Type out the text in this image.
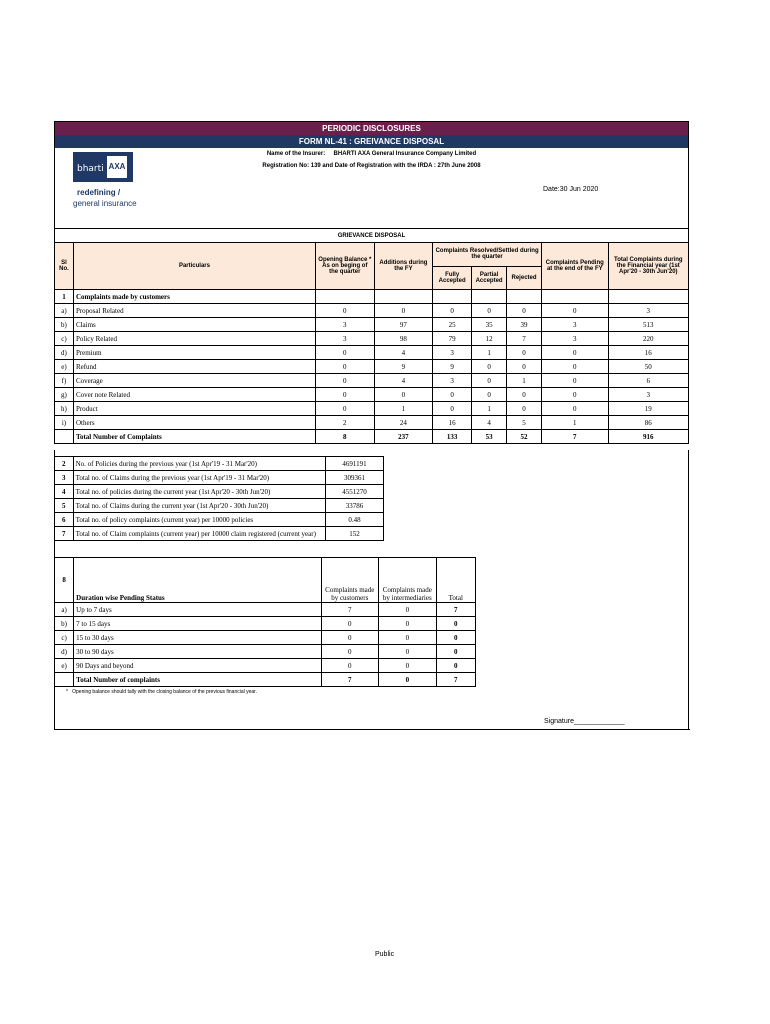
PERIODIC DISCLOSURES
FORM NL-41 : GREIVANCE DISPOSAL
bharti AXA
redefining /
general insurance
Name of the Insurer: BHARTI AXA General Insurance Company Limited
Registration No: 139 and Date of Registration with the IRDA : 27th June 2008
Date:30 Jun 2020
GRIEVANCE DISPOSAL								
Sl No.	Particulars	Opening Balance * As on beging of the quarter	Additions during the FY	Complaints Resolved/Settled during the quarter			Complaints Pending at the end of the FY	Total Complaints during the Financial year (1st Apr'20 - 30th Jun'20)
				Fully Accepted	Partial Accepted	Rejected		
1	Complaints made by customers							
a)	Proposal Related	0	0	0	0	0	0	3
b)	Claims	3	97	25	35	39	3	513
c)	Policy Related	3	98	79	12	7	3	220
d)	Premium	0	4	3	1	0	0	16
e)	Refund	0	9	9	0	0	0	50
f)	Coverage	0	4	3	0	1	0	6
g)	Cover note Related	0	0	0	0	0	0	3
h)	Product	0	1	0	1	0	0	19
i)	Others	2	24	16	4	5	1	86
	Total Number of Complaints	8	237	133	53	52	7	916
2	No. of Policies during the previous year (1st Apr'19 - 31 Mar'20)	4691191
3	Total no. of Claims during the previous year (1st Apr'19 - 31 Mar'20)	309361
4	Total no. of policies during the current year (1st Apr'20 - 30th Jun'20)	4551270
5	Total no. of Claims during the current year (1st Apr'20 - 30th Jun'20)	33786
6	Total no. of policy complaints (current year) per 10000 policies	0.48
7	Total no. of Claim complaints (current year) per 10000 claim registered (current year)	152
8	Duration wise Pending Status	Complaints made by customers	Complaints made by intermediaries	Total
a)	Up to 7 days	7	0	7
b)	7 to 15 days	0	0	0
c)	15 to 30 days	0	0	0
d)	30 to 90 days	0	0	0
e)	90 Days and beyond	0	0	0
	Total Number of complaints	7	0	7
* Opening balance should tally with the closing balance of the previous financial year.
Signature_____________
Public
